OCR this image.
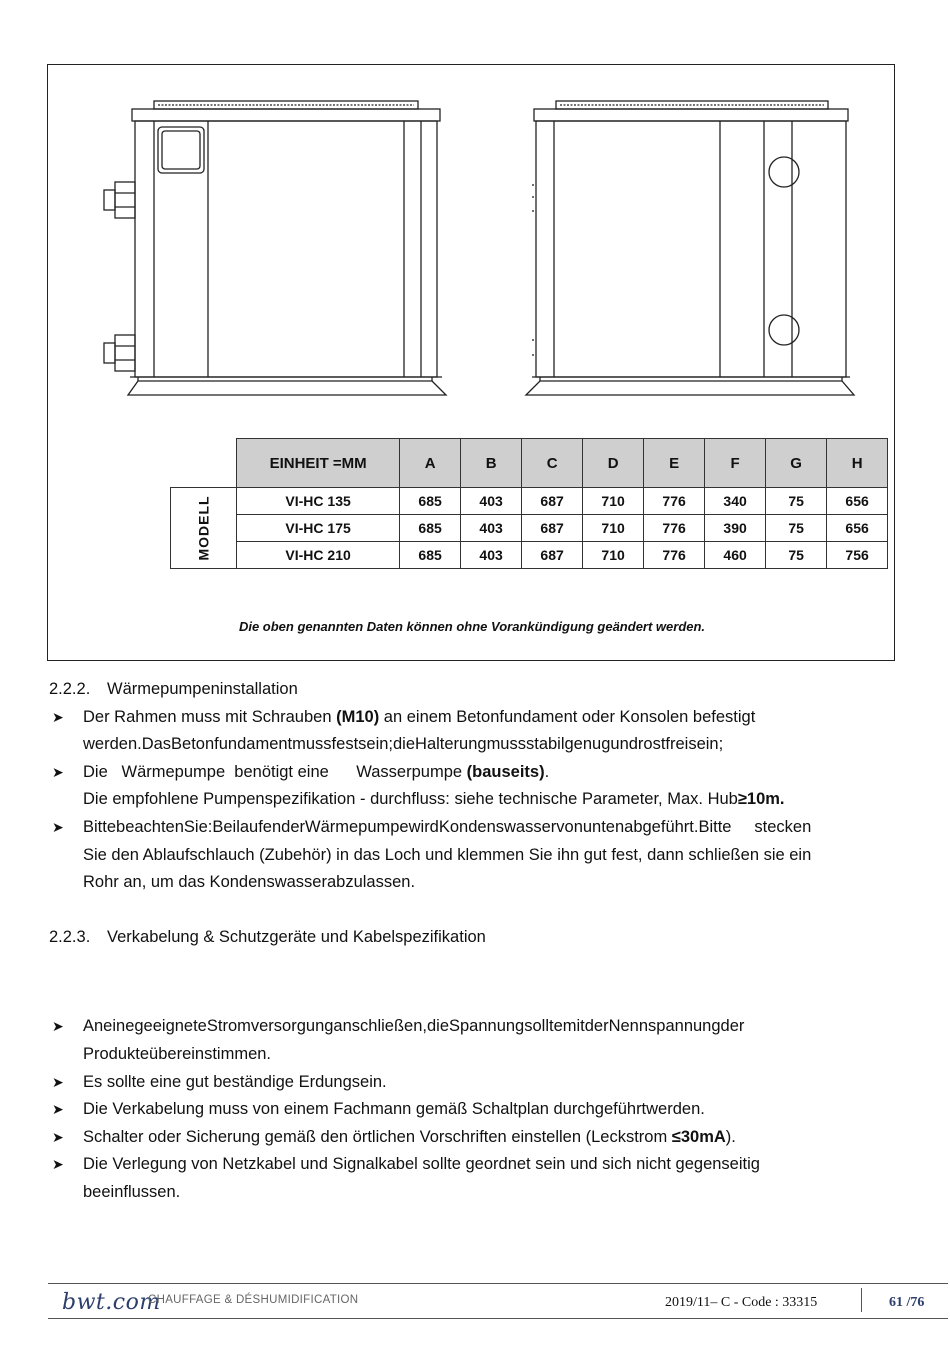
	EINHEIT =MM	A	B	C	D	E	F	G	H
MODELL	VI-HC 135	685	403	687	710	776	340	75	656
	VI-HC 175	685	403	687	710	776	390	75	656
	VI-HC 210	685	403	687	710	776	460	75	756
Die oben genannten Daten können ohne Vorankündigung geändert werden.

2.2.2. Wärmepumpeninstallation

➤ Der Rahmen muss mit Schrauben (M10) an einem Betonfundament oder Konsolen befestigt
werden.DasBetonfundamentmussfestsein;dieHalterungmussstabilgenugundrostfreisein;
➤ Die   Wärmepumpe  benötigt eine      Wasserpumpe (bauseits).
Die empfohlene Pumpenspezifikation - durchfluss: siehe technische Parameter, Max. Hub≥10m.
➤ BittebeachtenSie:BeilaufenderWärmepumpewirdKondenswasservonuntenabgeführt.Bitte     stecken
Sie den Ablaufschlauch (Zubehör) in das Loch und klemmen Sie ihn gut fest, dann schließen sie ein
Rohr an, um das Kondenswasserabzulassen.

2.2.3. Verkabelung & Schutzgeräte und Kabelspezifikation

➤ AneinegeeigneteStromversorgunganschließen,dieSpannungsolltemitderNennspannungder
Produkteübereinstimmen.
➤ Es sollte eine gut beständige Erdungsein.
➤ Die Verkabelung muss von einem Fachmann gemäß Schaltplan durchgeführtwerden.
➤ Schalter oder Sicherung gemäß den örtlichen Vorschriften einstellen (Leckstrom ≤30mA).
➤ Die Verlegung von Netzkabel und Signalkabel sollte geordnet sein und sich nicht gegenseitig
beeinflussen.
bwt.com
CHAUFFAGE & DÉSHUMIDIFICATION	2019/11– C - Code : 33315	61 /76
